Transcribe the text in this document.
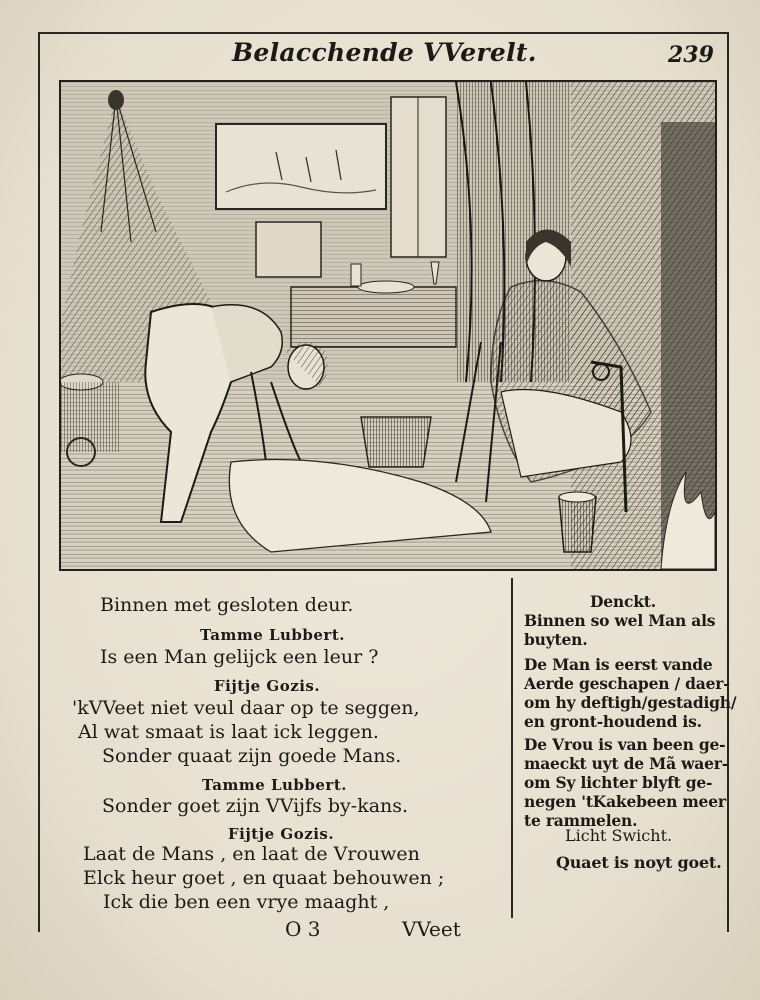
Belacchende VVerelt.	239
Binnen met gesloten deur.
Tamme Lubbert.
Is een Man gelijck een leur ?
Fijtje Gozis.
'kVVeet niet veul daar op te seggen,
Al wat smaat is laat ick leggen.
Sonder quaat zijn goede Mans.
Tamme Lubbert.
Sonder goet zijn VVijfs by-kans.
Fijtje Gozis.
Laat de Mans , en laat de Vrouwen
Elck heur goet , en quaat behouwen ;
Ick die ben een vrye maaght ,
O 3	VVeet
Denckt.
Binnen so wel Man als
buyten.
De Man is eerst vande
Aerde geschapen / daer-
om hy deftigh/gestadigh/
en gront-houdend is.
De Vrou is van been ge-
maeckt uyt de Mã waer-
om Sy lichter blyft ge-
negen 'tKakebeen meer
te rammelen.
Licht Swicht.
Quaet is noyt goet.
